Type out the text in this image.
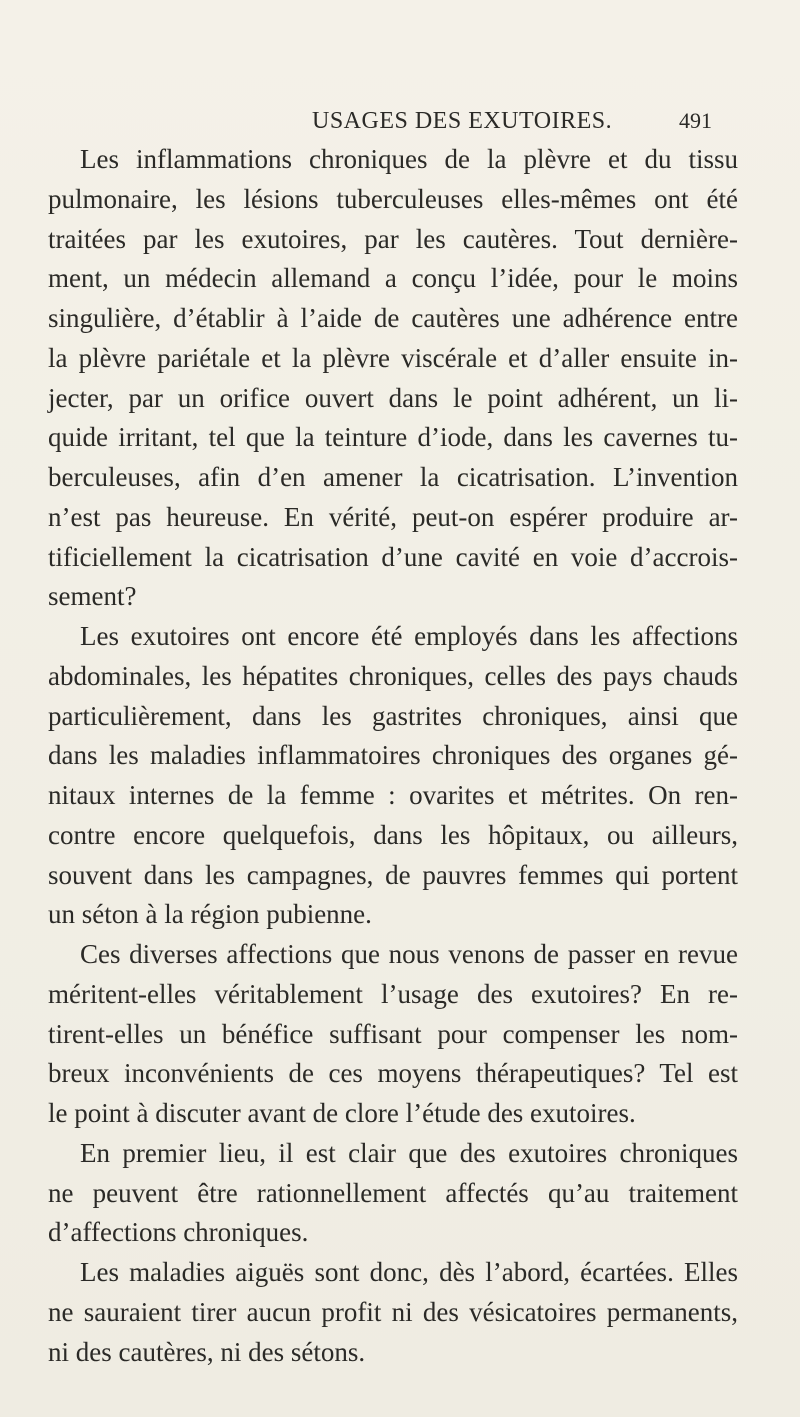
USAGES DES EXUTOIRES.	491
Les inflammations chroniques de la plèvre et du tissu
pulmonaire, les lésions tuberculeuses elles-mêmes ont été
traitées par les exutoires, par les cautères. Tout dernière-
ment, un médecin allemand a conçu l’idée, pour le moins
singulière, d’établir à l’aide de cautères une adhérence entre
la plèvre pariétale et la plèvre viscérale et d’aller ensuite in-
jecter, par un orifice ouvert dans le point adhérent, un li-
quide irritant, tel que la teinture d’iode, dans les cavernes tu-
berculeuses, afin d’en amener la cicatrisation. L’invention
n’est pas heureuse. En vérité, peut-on espérer produire ar-
tificiellement la cicatrisation d’une cavité en voie d’accrois-
sement?
Les exutoires ont encore été employés dans les affections
abdominales, les hépatites chroniques, celles des pays chauds
particulièrement, dans les gastrites chroniques, ainsi que
dans les maladies inflammatoires chroniques des organes gé-
nitaux internes de la femme : ovarites et métrites. On ren-
contre encore quelquefois, dans les hôpitaux, ou ailleurs,
souvent dans les campagnes, de pauvres femmes qui portent
un séton à la région pubienne.
Ces diverses affections que nous venons de passer en revue
méritent-elles véritablement l’usage des exutoires? En re-
tirent-elles un bénéfice suffisant pour compenser les nom-
breux inconvénients de ces moyens thérapeutiques? Tel est
le point à discuter avant de clore l’étude des exutoires.
En premier lieu, il est clair que des exutoires chroniques
ne peuvent être rationnellement affectés qu’au traitement
d’affections chroniques.
Les maladies aiguës sont donc, dès l’abord, écartées. Elles
ne sauraient tirer aucun profit ni des vésicatoires permanents,
ni des cautères, ni des sétons.
